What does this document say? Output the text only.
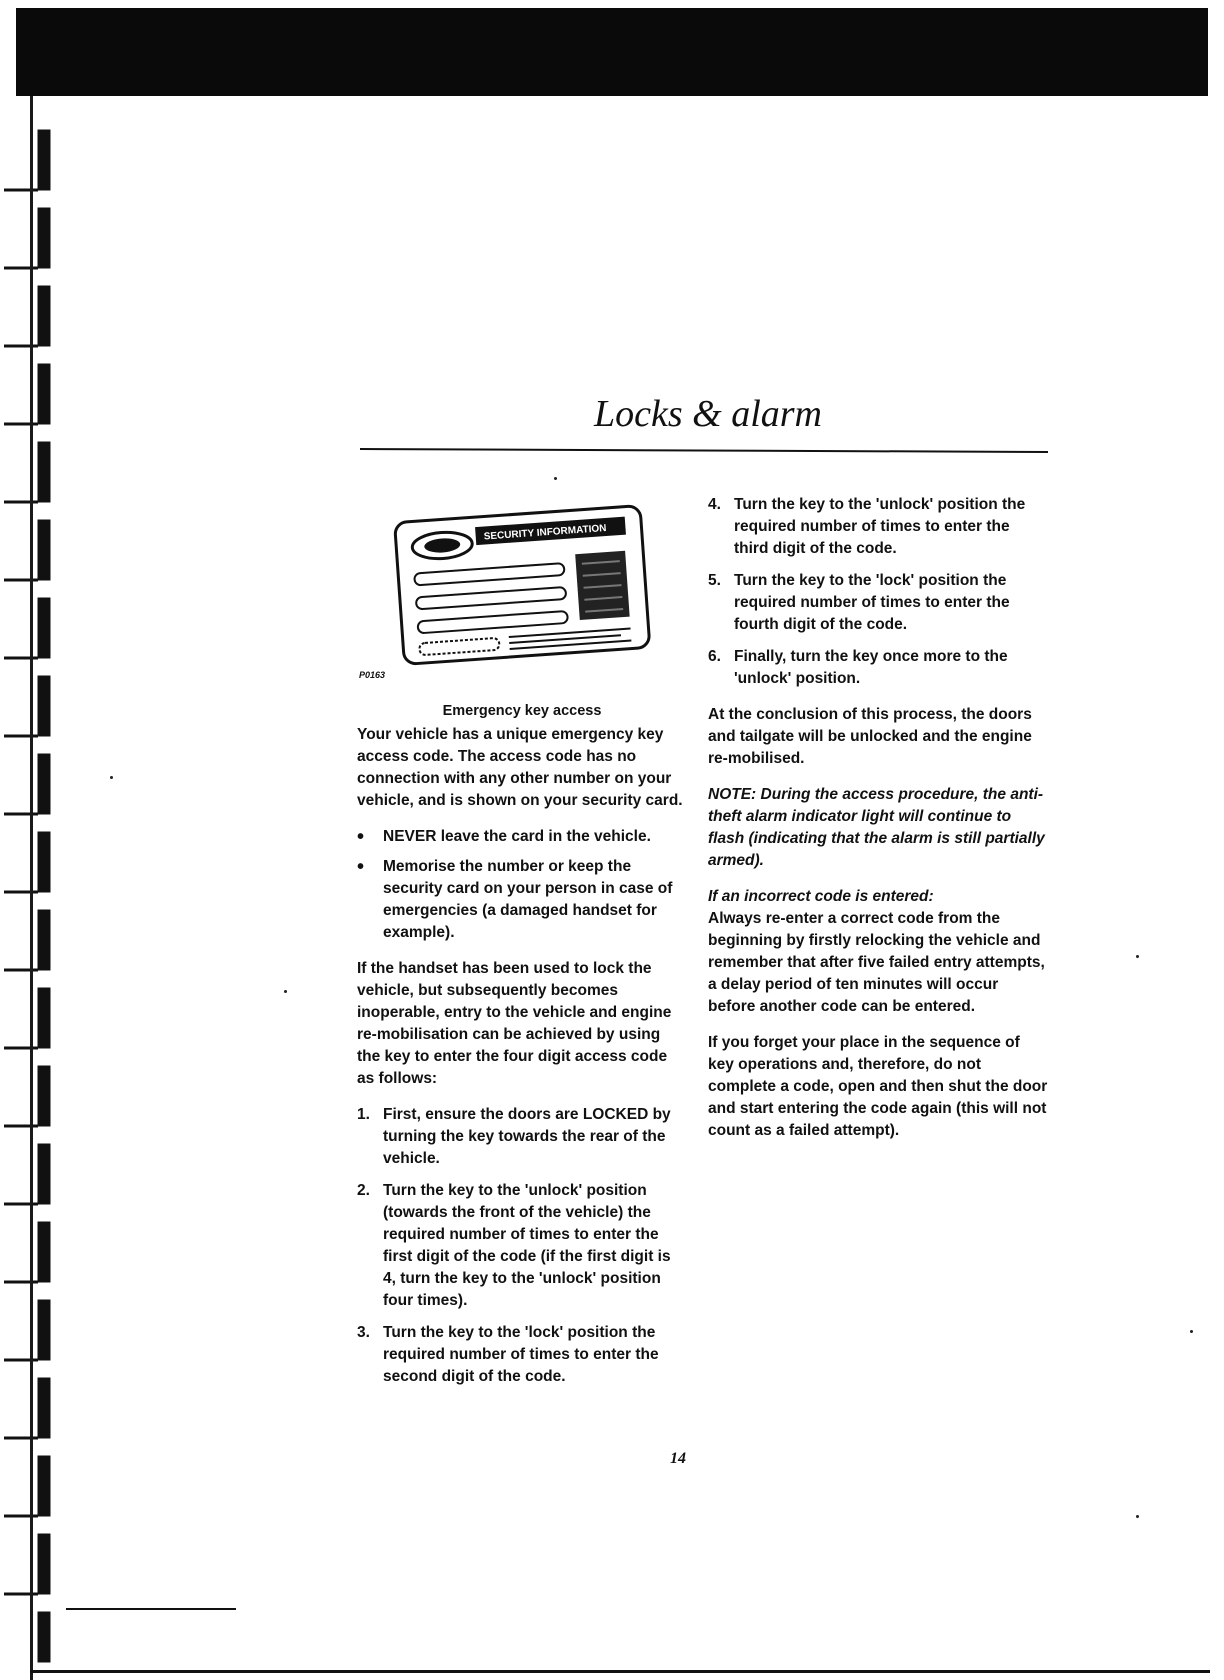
Locks & alarm
SECURITY INFORMATION
P0163
Emergency key access

Your vehicle has a unique emergency key access code. The access code has no connection with any other number on your vehicle, and is shown on your security card.

• NEVER leave the card in the vehicle.
• Memorise the number or keep the security card on your person in case of emergencies (a damaged handset for example).

If the handset has been used to lock the vehicle, but subsequently becomes inoperable, entry to the vehicle and engine re-mobilisation can be achieved by using the key to enter the four digit access code as follows:

1. First, ensure the doors are LOCKED by turning the key towards the rear of the vehicle.
2. Turn the key to the 'unlock' position (towards the front of the vehicle) the required number of times to enter the first digit of the code (if the first digit is 4, turn the key to the 'unlock' position four times).
3. Turn the key to the 'lock' position the required number of times to enter the second digit of the code.
4. Turn the key to the 'unlock' position the required number of times to enter the third digit of the code.
5. Turn the key to the 'lock' position the required number of times to enter the fourth digit of the code.
6. Finally, turn the key once more to the 'unlock' position.

At the conclusion of this process, the doors and tailgate will be unlocked and the engine re-mobilised.

NOTE: During the access procedure, the anti-theft alarm indicator light will continue to flash (indicating that the alarm is still partially armed).

If an incorrect code is entered:

Always re-enter a correct code from the beginning by firstly relocking the vehicle and remember that after five failed entry attempts, a delay period of ten minutes will occur before another code can be entered.

If you forget your place in the sequence of key operations and, therefore, do not complete a code, open and then shut the door and start entering the code again (this will not count as a failed attempt).

14
